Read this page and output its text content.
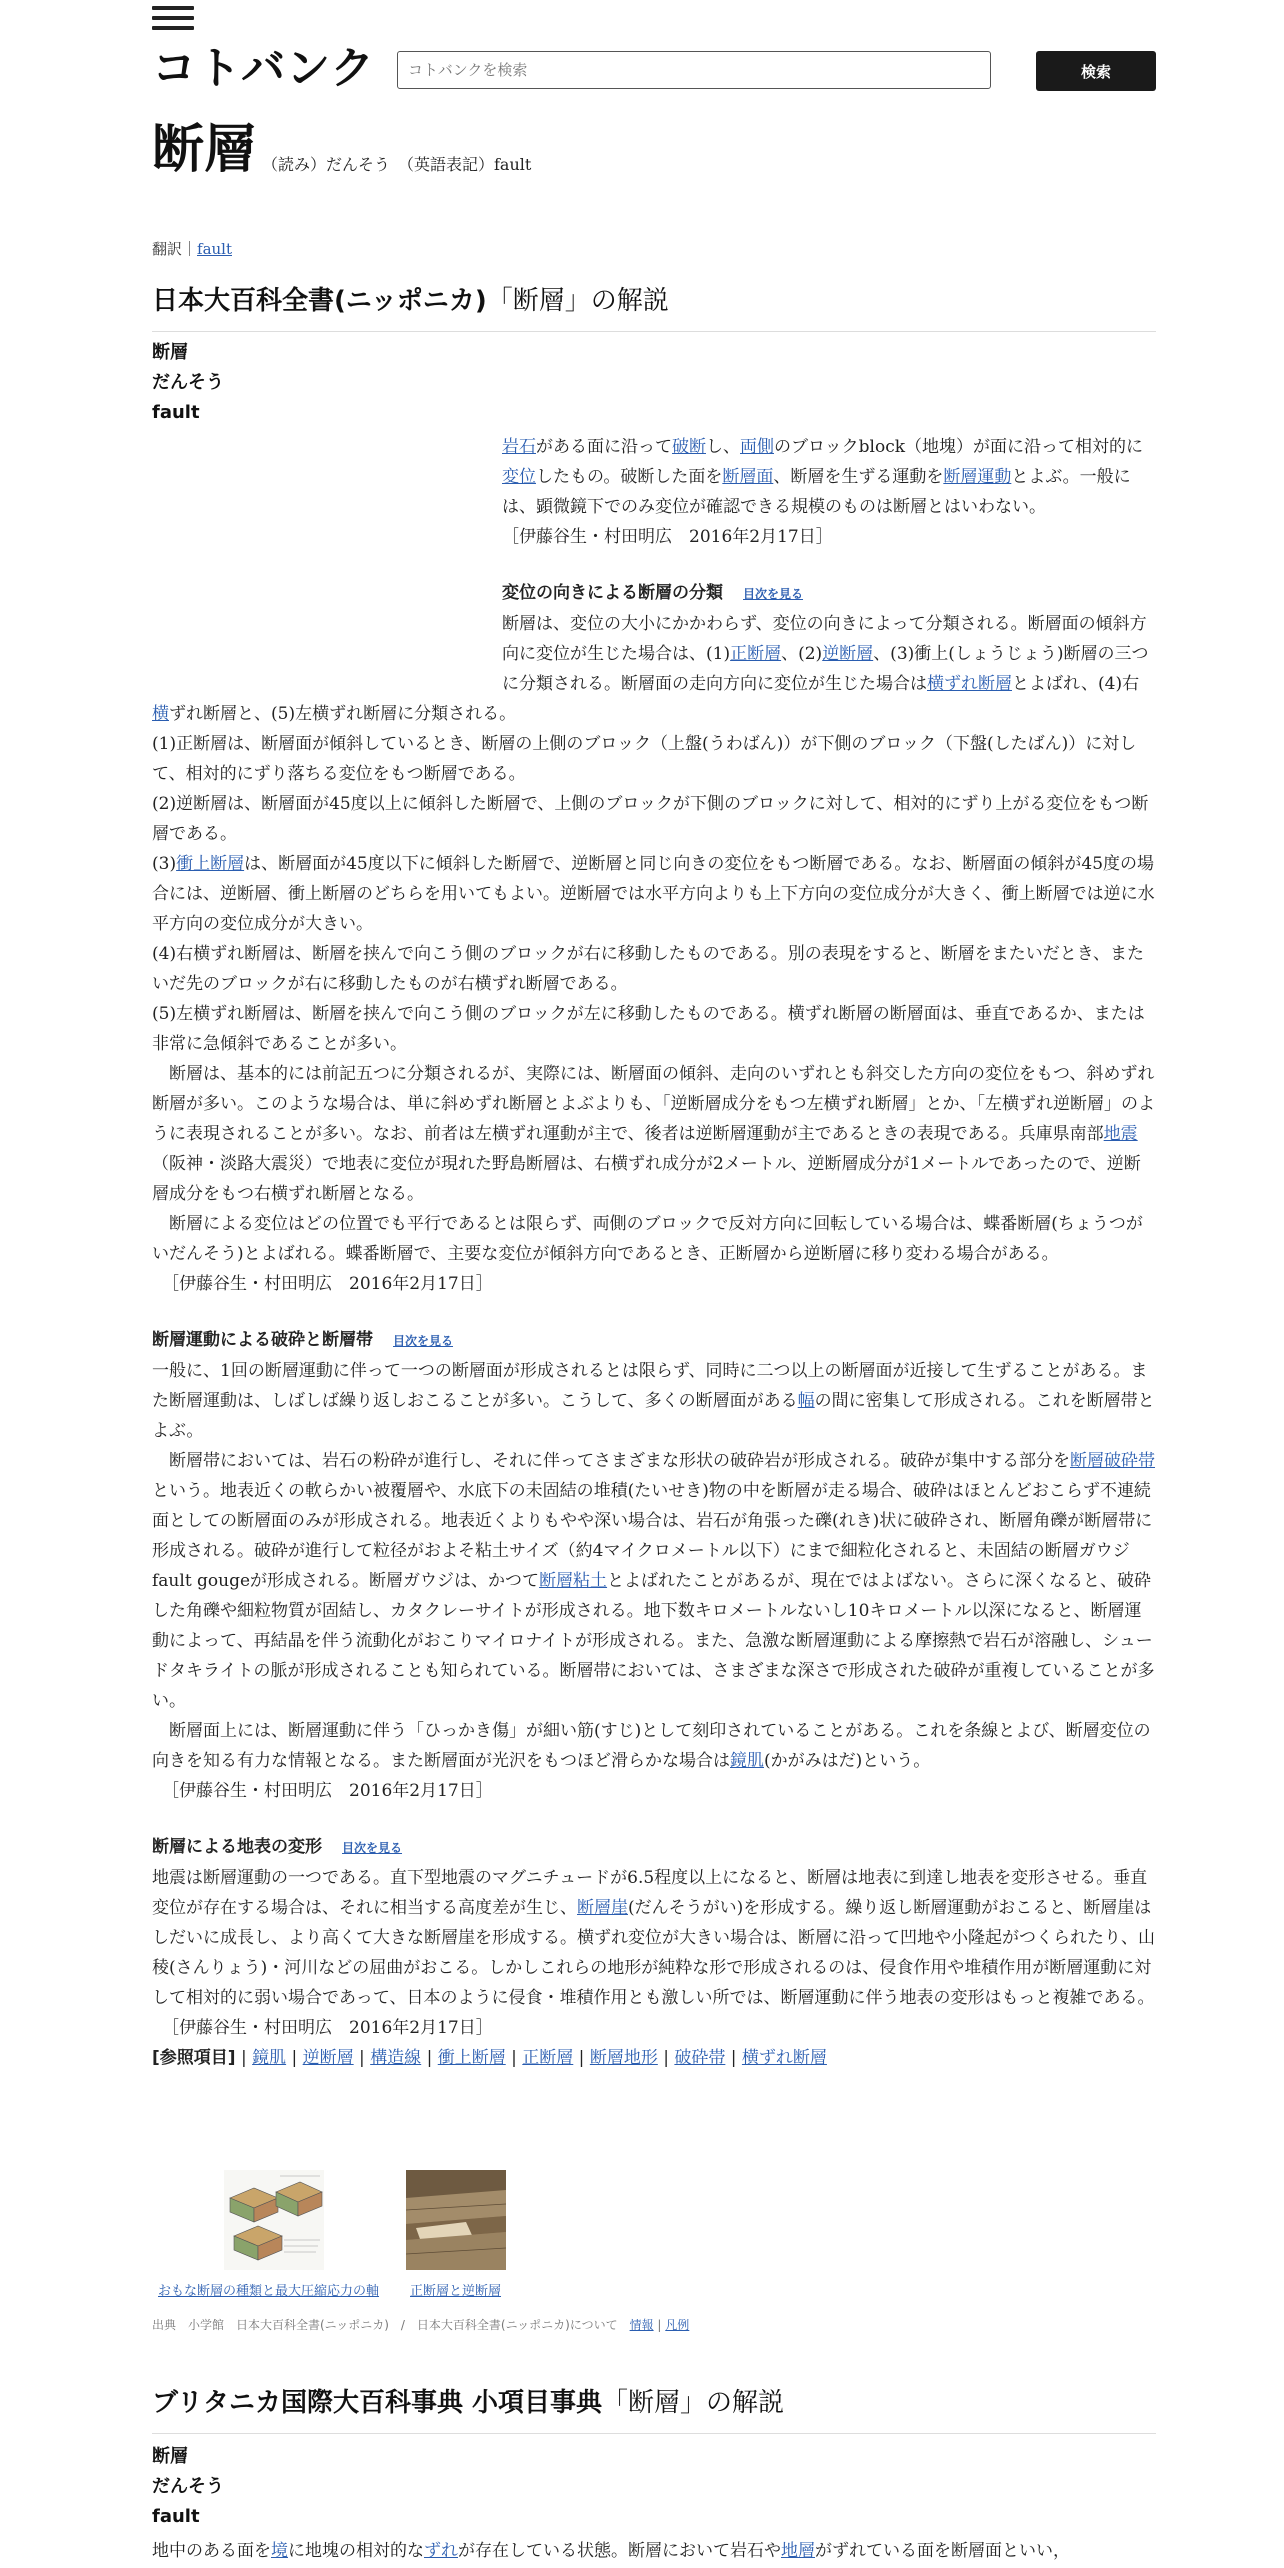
コトバンク
コトバンクを検索	検索
断層 （読み）だんそう　（英語表記）fault
翻訳｜fault
日本大百科全書(ニッポニカ)「断層」の解説
断層
だんそう
fault

岩石がある面に沿って破断し、両側のブロックblock（地塊）が面に沿って相対的に変位したもの。破断した面を断層面、断層を生ずる運動を断層運動とよぶ。一般には、顕微鏡下でのみ変位が確認できる規模のものは断層とはいわない。

［伊藤谷生・村田明広　2016年2月17日］

変位の向きによる断層の分類 目次を見る

断層は、変位の大小にかかわらず、変位の向きによって分類される。断層面の傾斜方向に変位が生じた場合は、(1)正断層、(2)逆断層、(3)衝上(しょうじょう)断層の三つに分類される。断層面の走向方向に変位が生じた場合は横ずれ断層とよばれ、(4)右横ずれ断層と、(5)左横ずれ断層に分類される。

(1)正断層は、断層面が傾斜しているとき、断層の上側のブロック（上盤(うわばん)）が下側のブロック（下盤(したばん)）に対して、相対的にずり落ちる変位をもつ断層である。

(2)逆断層は、断層面が45度以上に傾斜した断層で、上側のブロックが下側のブロックに対して、相対的にずり上がる変位をもつ断層である。

(3)衝上断層は、断層面が45度以下に傾斜した断層で、逆断層と同じ向きの変位をもつ断層である。なお、断層面の傾斜が45度の場合には、逆断層、衝上断層のどちらを用いてもよい。逆断層では水平方向よりも上下方向の変位成分が大きく、衝上断層では逆に水平方向の変位成分が大きい。

(4)右横ずれ断層は、断層を挟んで向こう側のブロックが右に移動したものである。別の表現をすると、断層をまたいだとき、またいだ先のブロックが右に移動したものが右横ずれ断層である。

(5)左横ずれ断層は、断層を挟んで向こう側のブロックが左に移動したものである。横ずれ断層の断層面は、垂直であるか、または非常に急傾斜であることが多い。

断層は、基本的には前記五つに分類されるが、実際には、断層面の傾斜、走向のいずれとも斜交した方向の変位をもつ、斜めずれ断層が多い。このような場合は、単に斜めずれ断層とよぶよりも、「逆断層成分をもつ左横ずれ断層」とか、「左横ずれ逆断層」のように表現されることが多い。なお、前者は左横ずれ運動が主で、後者は逆断層運動が主であるときの表現である。兵庫県南部地震（阪神・淡路大震災）で地表に変位が現れた野島断層は、右横ずれ成分が2メートル、逆断層成分が1メートルであったので、逆断層成分をもつ右横ずれ断層となる。

断層による変位はどの位置でも平行であるとは限らず、両側のブロックで反対方向に回転している場合は、蝶番断層(ちょうつがいだんそう)とよばれる。蝶番断層で、主要な変位が傾斜方向であるとき、正断層から逆断層に移り変わる場合がある。

［伊藤谷生・村田明広　2016年2月17日］

断層運動による破砕と断層帯 目次を見る

一般に、1回の断層運動に伴って一つの断層面が形成されるとは限らず、同時に二つ以上の断層面が近接して生ずることがある。また断層運動は、しばしば繰り返しおこることが多い。こうして、多くの断層面がある幅の間に密集して形成される。これを断層帯とよぶ。

断層帯においては、岩石の粉砕が進行し、それに伴ってさまざまな形状の破砕岩が形成される。破砕が集中する部分を断層破砕帯という。地表近くの軟らかい被覆層や、水底下の未固結の堆積(たいせき)物の中を断層が走る場合、破砕はほとんどおこらず不連続面としての断層面のみが形成される。地表近くよりもやや深い場合は、岩石が角張った礫(れき)状に破砕され、断層角礫が断層帯に形成される。破砕が進行して粒径がおよそ粘土サイズ（約4マイクロメートル以下）にまで細粒化されると、未固結の断層ガウジfault gougeが形成される。断層ガウジは、かつて断層粘土とよばれたことがあるが、現在ではよばない。さらに深くなると、破砕した角礫や細粒物質が固結し、カタクレーサイトが形成される。地下数キロメートルないし10キロメートル以深になると、断層運動によって、再結晶を伴う流動化がおこりマイロナイトが形成される。また、急激な断層運動による摩擦熱で岩石が溶融し、シュードタキライトの脈が形成されることも知られている。断層帯においては、さまざまな深さで形成された破砕が重複していることが多い。

断層面上には、断層運動に伴う「ひっかき傷」が細い筋(すじ)として刻印されていることがある。これを条線とよび、断層変位の向きを知る有力な情報となる。また断層面が光沢をもつほど滑らかな場合は鏡肌(かがみはだ)という。

［伊藤谷生・村田明広　2016年2月17日］

断層による地表の変形 目次を見る

地震は断層運動の一つである。直下型地震のマグニチュードが6.5程度以上になると、断層は地表に到達し地表を変形させる。垂直変位が存在する場合は、それに相当する高度差が生じ、断層崖(だんそうがい)を形成する。繰り返し断層運動がおこると、断層崖はしだいに成長し、より高くて大きな断層崖を形成する。横ずれ変位が大きい場合は、断層に沿って凹地や小隆起がつくられたり、山稜(さんりょう)・河川などの屈曲がおこる。しかしこれらの地形が純粋な形で形成されるのは、侵食作用や堆積作用が断層運動に対して相対的に弱い場合であって、日本のように侵食・堆積作用とも激しい所では、断層運動に伴う地表の変形はもっと複雑である。

［伊藤谷生・村田明広　2016年2月17日］

[参照項目] | 鏡肌 | 逆断層 | 構造線 | 衝上断層 | 正断層 | 断層地形 | 破砕帯 | 横ずれ断層

おもな断層の種類と最大圧縮応力の軸 正断層と逆断層
出典　小学館　日本大百科全書(ニッポニカ)　/　日本大百科全書(ニッポニカ)について　 情報 | 凡例
ブリタニカ国際大百科事典 小項目事典「断層」の解説
断層
だんそう
fault

地中のある面を境に地塊の相対的なずれが存在している状態。断層において岩石や地層がずれている面を断層面といい，
